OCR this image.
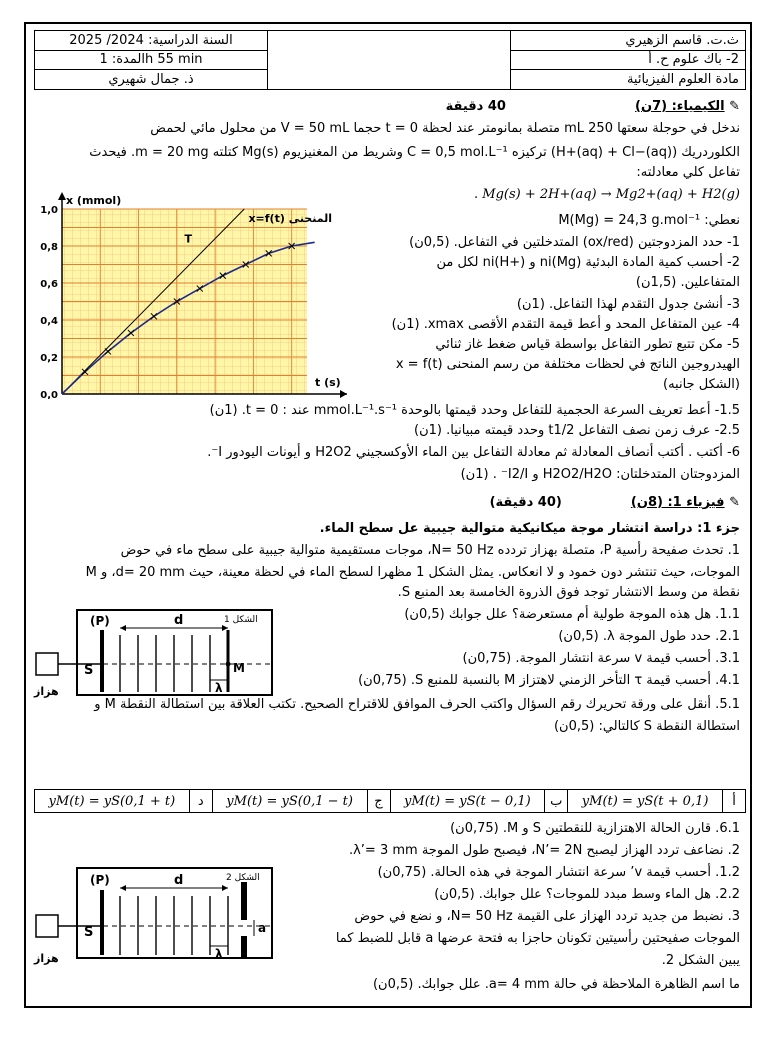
السنة الدراسية: 2024/ 2025		ث.ت. قاسم الزهيري
المدة: 1h 55 min		2- باك علوم ح. أ
ذ. جمال شهيري		مادة العلوم الفيزيائية
✎ الكيمياء: (7ن)  40 دقيقة
ندخل في حوجلة سعتها 250 mL متصلة بمانومتر عند لحظة t = 0 حجما V = 50 mL من محلول مائي لحمض
الكلوردريك (H+(aq) + Cl−(aq)) تركيزه C = 0,5 mol.L⁻¹ وشريط من المغنيزيوم Mg(s) كتلته m = 20 mg. فيحدث
تفاعل كلي معادلته:
Mg(s) + 2H+(aq) → Mg2+(aq) + H2(g) .
نعطي: M(Mg) = 24,3 g.mol⁻¹
1- حدد المزدوجتين (ox/red) المتدخلتين في التفاعل. (0,5ن)
2- أحسب كمية المادة البدئية ni(Mg) و ni(H+) لكل من
المتفاعلين. (1,5ن)
3- أنشئ جدول التقدم لهذا التفاعل. (1ن)
4- عين المتفاعل المحد و أعط قيمة التقدم الأقصى xmax. (1ن)
5- مكن تتبع تطور التفاعل بواسطة قياس ضغط غاز ثنائي
الهيدروجين الناتج في لحظات مختلفة من رسم المنحنى x = f(t)
(الشكل جانبه)
0,0
0,2
0,4
0,6
0,8
1,0
x (mmol)
t (s)
x=f(t) المنحنى
T
1.5- أعط تعريف السرعة الحجمية للتفاعل وحدد قيمتها بالوحدة mmol.L⁻¹.s⁻¹ عند : t = 0. (1ن)
2.5- عرف زمن نصف التفاعل t1/2 وحدد قيمته مبيانيا. (1ن)
6- أكتب . أكتب أنصاف المعادلة ثم معادلة التفاعل بين الماء الأوكسجيني H2O2 و أيونات اليودور I⁻.
المزدوجتان المتدخلتان: H2O2/H2O و I2/I⁻ . (1ن)
✎ فيزياء 1: (8ن)  (40 دقيقة)
جزء 1: دراسة انتشار موجة ميكانيكية متوالية جيبية عل سطح الماء.
1. تحدث صفيحة رأسية P، متصلة بهزاز تردده N= 50 Hz، موجات مستقيمية متوالية جيبية على سطح ماء في حوض
الموجات، حيث تنتشر دون خمود و لا انعكاس. يمثل الشكل 1 مظهرا لسطح الماء في لحظة معينة، حيث d= 20 mm، و M
نقطة من وسط الانتشار توجد فوق الذروة الخامسة بعد المنبع S.
1.1. هل هذه الموجة طولية أم مستعرضة؟ علل جوابك (0,5ن)
2.1. حدد طول الموجة λ. (0,5ن)
3.1. أحسب قيمة v سرعة انتشار الموجة. (0,75ن)
4.1. أحسب قيمة τ التأخر الزمني لاهتزاز M بالنسبة للمنبع S. (0,75ن)
5.1. أنقل على ورقة تحريرك رقم السؤال واكتب الحرف الموافق للاقتراح الصحيح. تكتب العلاقة بين استطالة النقطة M و
استطالة النقطة S كالتالي: (0,5ن)
(P)	d
M
S
λ
الشكل 1
هزاز
أ	yM(t) = yS(t + 0,1)	ب	yM(t) = yS(t − 0,1)	ج	yM(t) = yS(0,1 − t)	د	yM(t) = yS(0,1 + t)
6.1. قارن الحالة الاهتزازية للنقطتين S و M. (0,75ن)
2. نضاعف تردد الهزاز ليصبح N’= 2N، فيصبح طول الموجة λ’= 3 mm.
1.2. أحسب قيمة v’ سرعة انتشار الموجة في هذه الحالة. (0,75ن)
2.2. هل الماء وسط مبدد للموجات؟ علل جوابك. (0,5ن)
3. نضبط من جديد تردد الهزاز على القيمة N= 50 Hz، و نضع في حوض
الموجات صفيحتين رأسيتين تكونان حاجزا به فتحة عرضها a قابل للضبط كما
يبين الشكل 2.
ما اسم الظاهرة الملاحظة في حالة a= 4 mm. علل جوابك. (0,5ن)
(P)	d
a
S
λ
الشكل 2
هزاز
